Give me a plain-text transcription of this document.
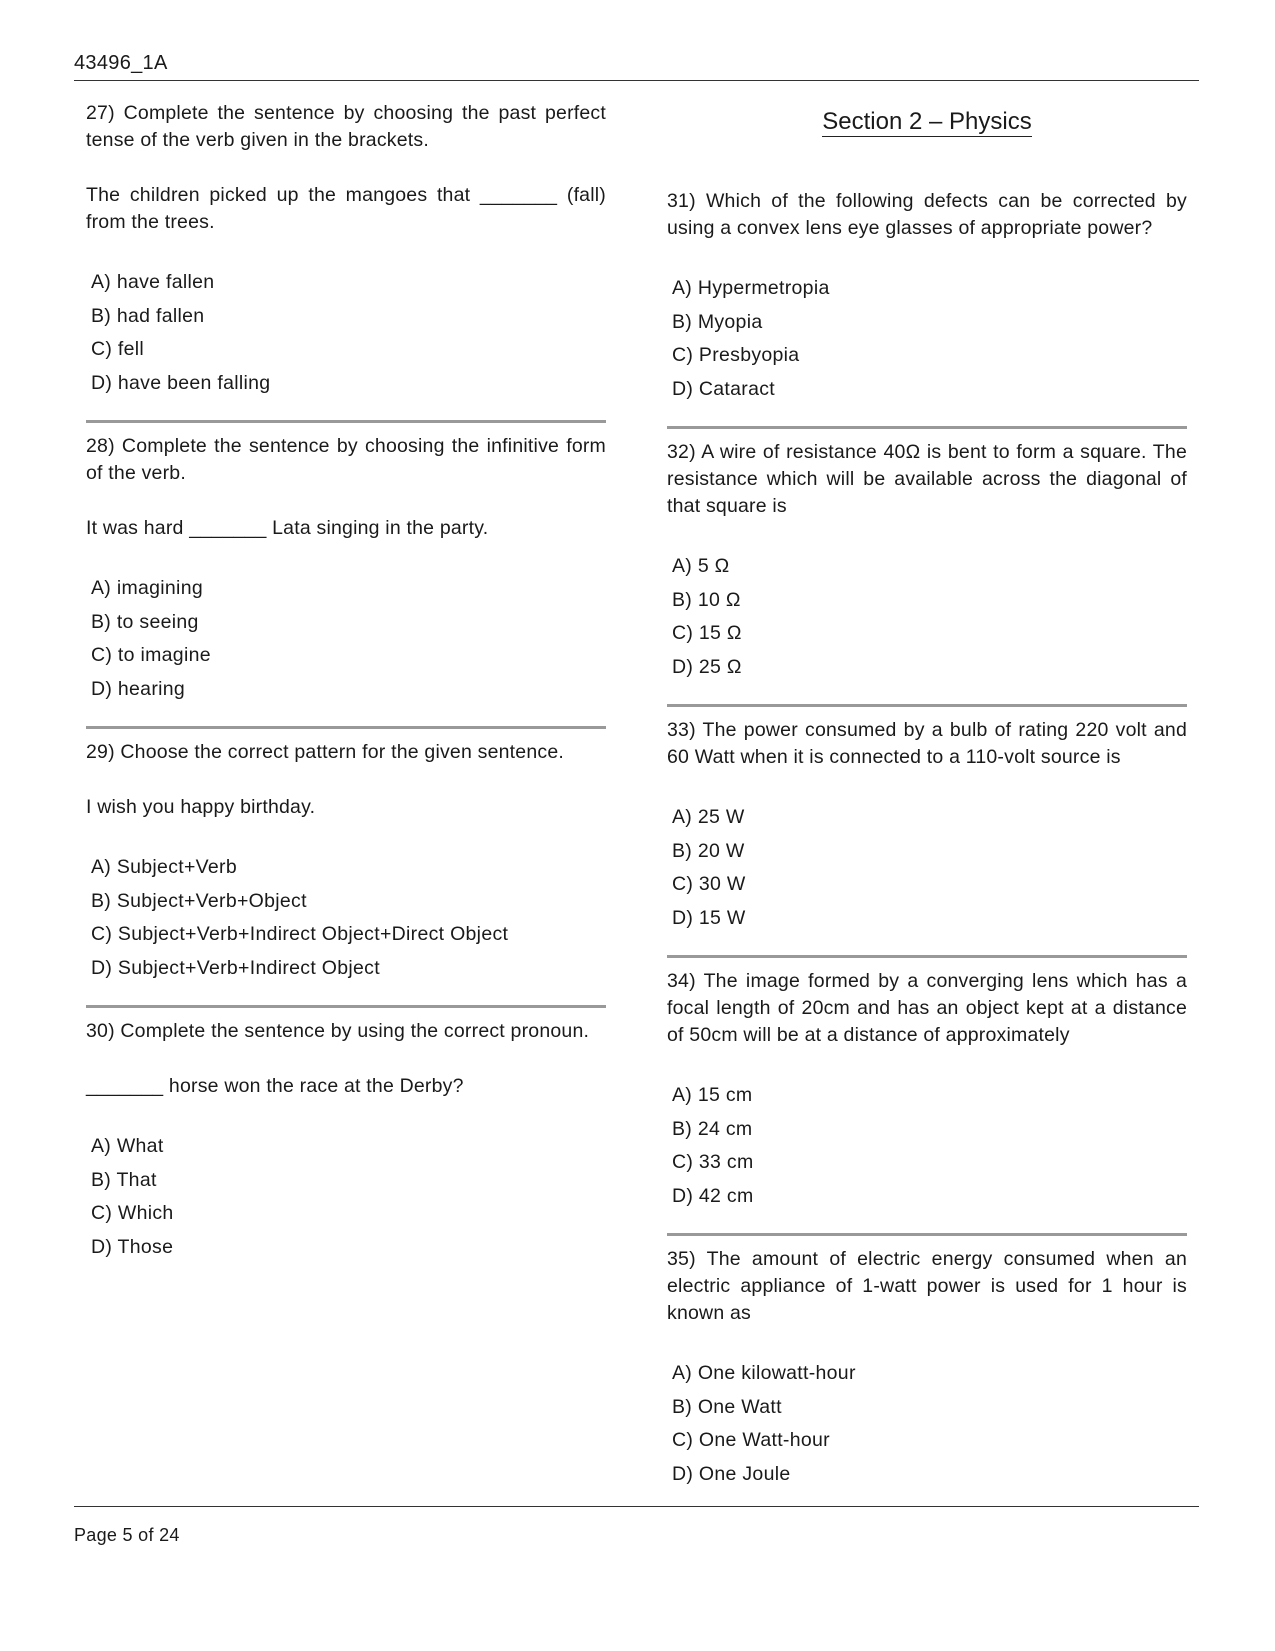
43496_1A

27) Complete the sentence by choosing the past perfect tense of the verb given in the brackets.

The children picked up the mangoes that _______ (fall) from the trees.

A) have fallen
B) had fallen
C) fell
D) have been falling

28) Complete the sentence by choosing the infinitive form of the verb.

It was hard _______ Lata singing in the party.

A) imagining
B) to seeing
C) to imagine
D) hearing

29) Choose the correct pattern for the given sentence.

I wish you happy birthday.

A) Subject+Verb
B) Subject+Verb+Object
C) Subject+Verb+Indirect Object+Direct Object
D) Subject+Verb+Indirect Object

30) Complete the sentence by using the correct pronoun.

_______ horse won the race at the Derby?

A) What
B) That
C) Which
D) Those
Section 2 – Physics

31) Which of the following defects can be corrected by using a convex lens eye glasses of appropriate power?

A) Hypermetropia
B) Myopia
C) Presbyopia
D) Cataract

32) A wire of resistance 40Ω is bent to form a square. The resistance which will be available across the diagonal of that square is

A) 5 Ω
B) 10 Ω
C) 15 Ω
D) 25 Ω

33) The power consumed by a bulb of rating 220 volt and 60 Watt when it is connected to a 110-volt source is

A) 25 W
B) 20 W
C) 30 W
D) 15 W

34) The image formed by a converging lens which has a focal length of 20cm and has an object kept at a distance of 50cm will be at a distance of approximately

A) 15 cm
B) 24 cm
C) 33 cm
D) 42 cm

35) The amount of electric energy consumed when an electric appliance of 1-watt power is used for 1 hour is known as

A) One kilowatt-hour
B) One Watt
C) One Watt-hour
D) One Joule
Page 5 of 24
